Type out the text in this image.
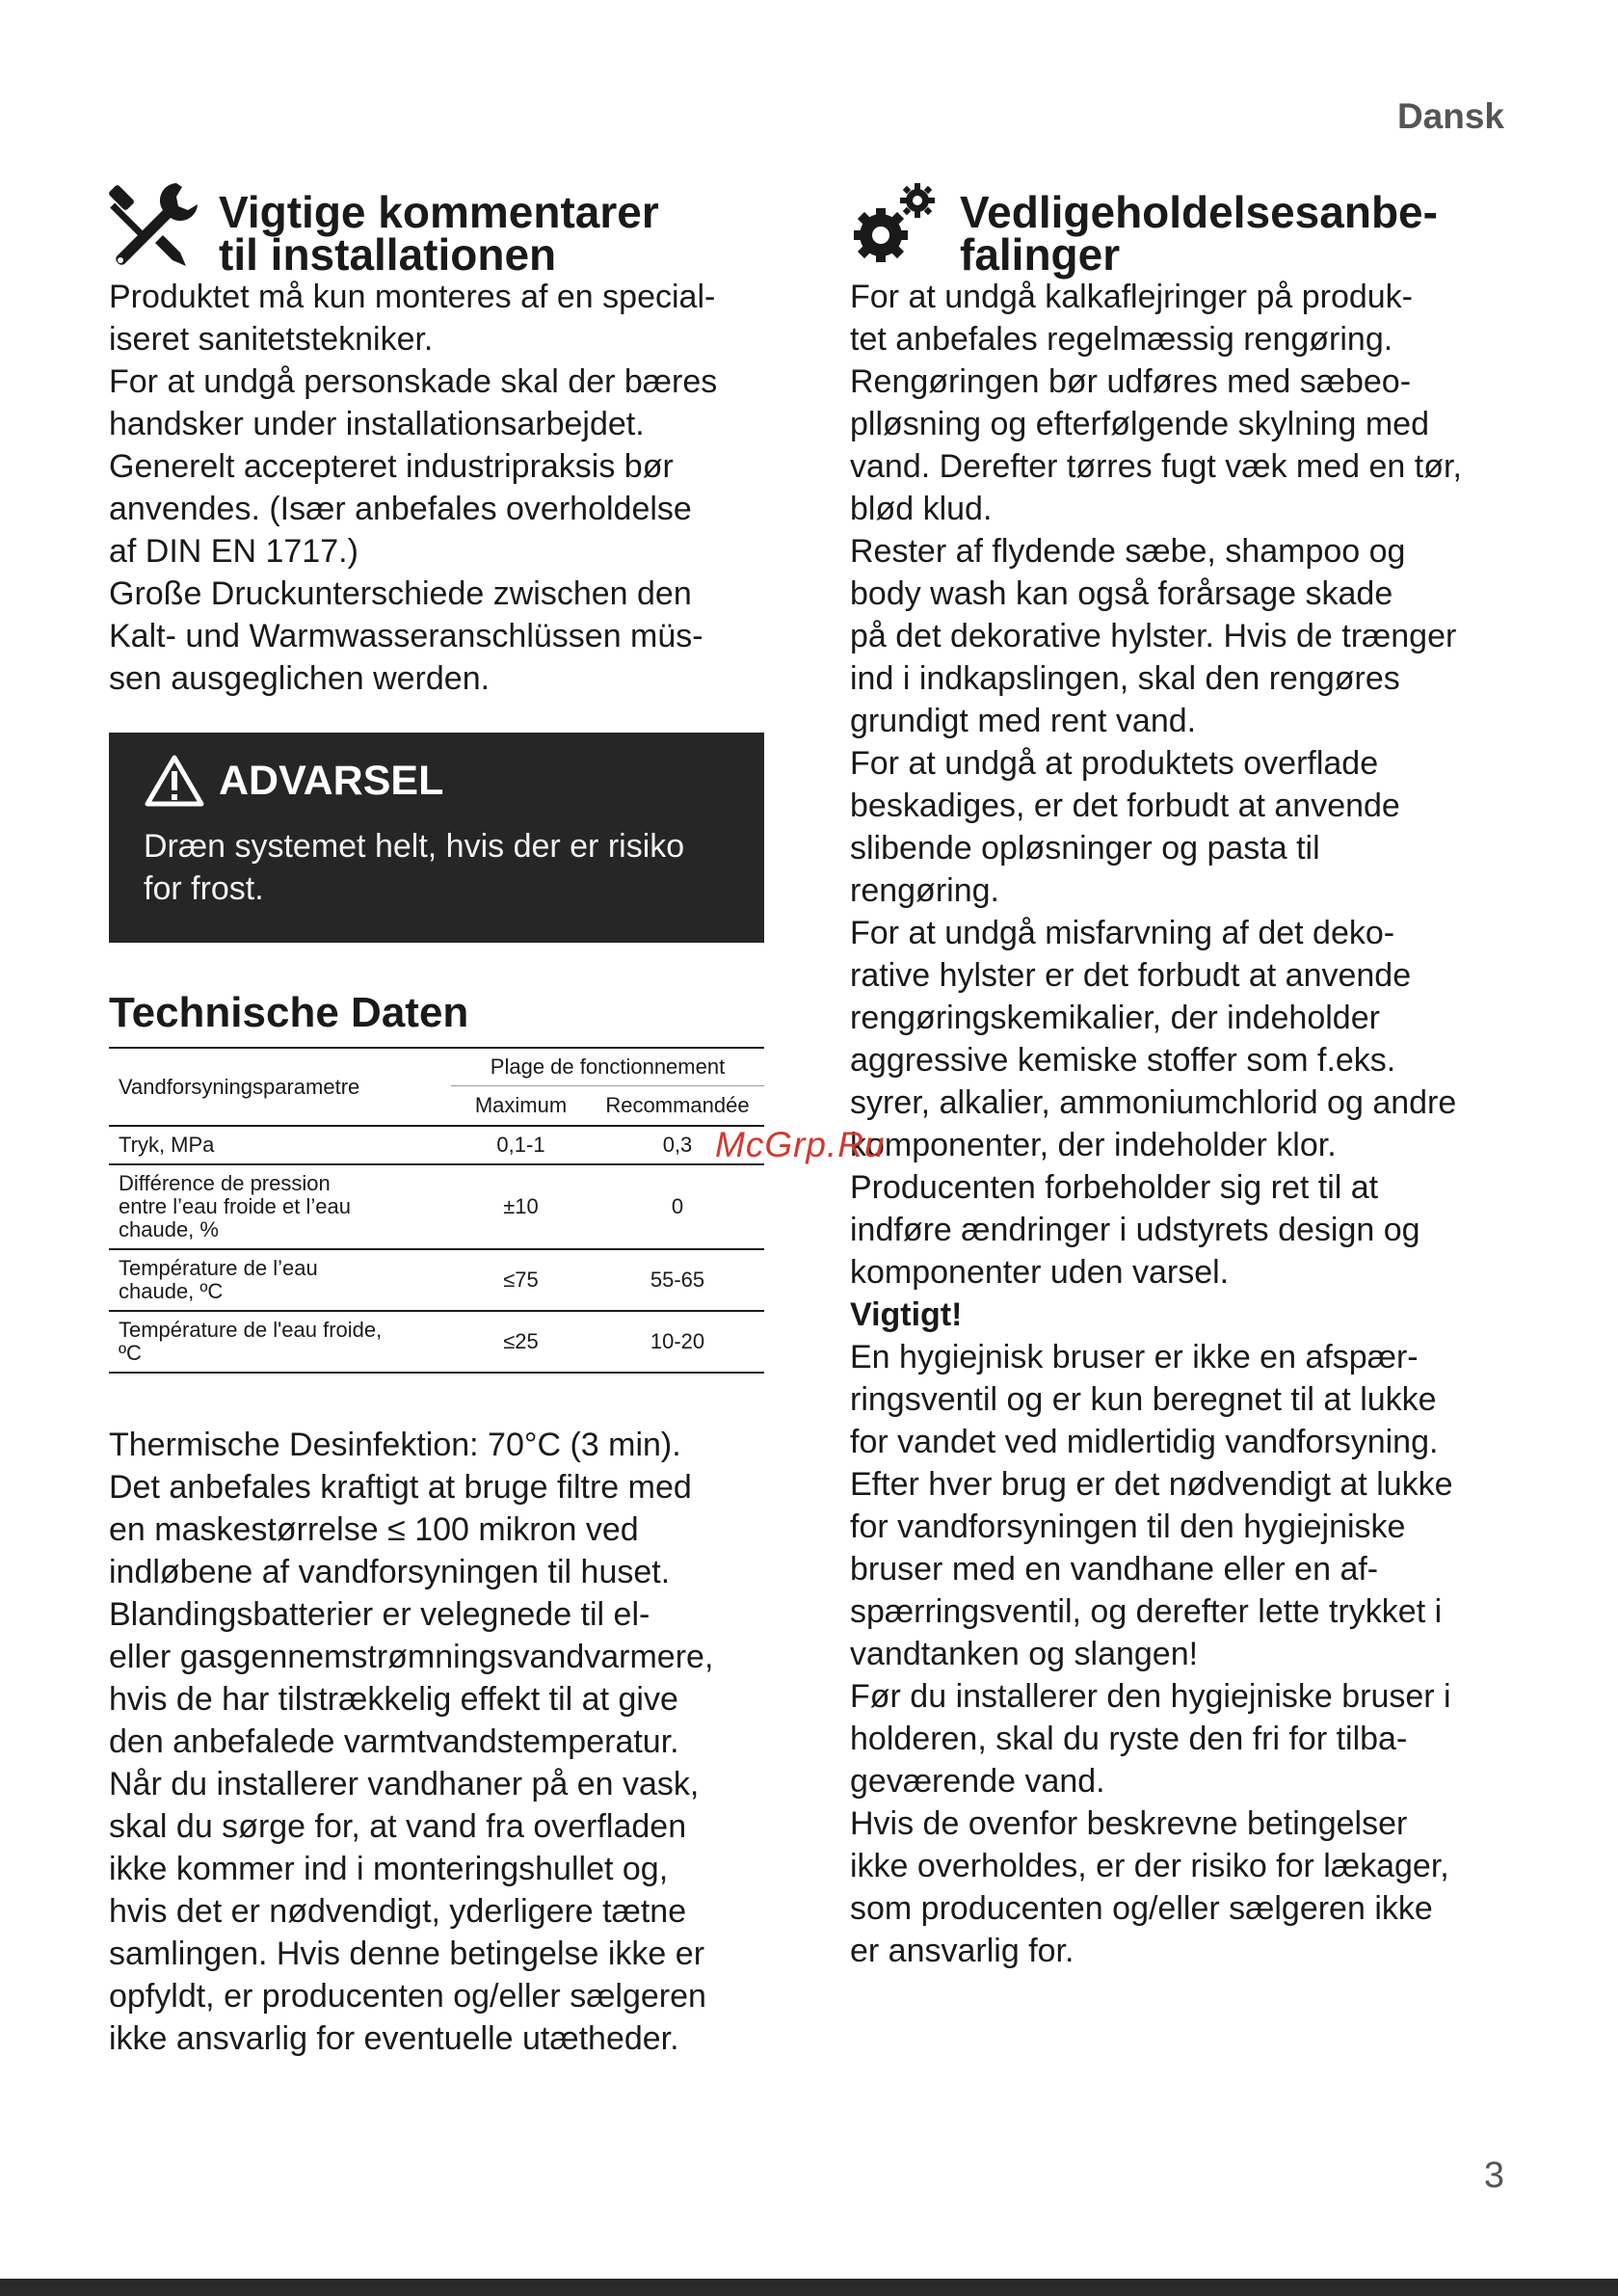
Dansk

Vigtige kommentarer
til installationen

Produktet må kun monteres af en special-
iseret sanitetstekniker.
For at undgå personskade skal der bæres
handsker under installationsarbejdet.
Generelt accepteret industripraksis bør
anvendes. (Især anbefales overholdelse
af DIN EN 1717.)
Große Druckunterschiede zwischen den
Kalt- und Warmwasseranschlüssen müs-
sen ausgeglichen werden.

ADVARSEL

Dræn systemet helt, hvis der er risiko
for frost.

Technische Daten
Vandforsyningsparametre	Plage de fonctionnement	
	Maximum	Recommandée
Tryk, MPa	0,1-1	0,3
Différence de pression
entre l’eau froide et l’eau
chaude, %	±10	0
Température de l’eau
chaude, ºC	≤75	55-65
Température de l'eau froide,
ºC	≤25	10-20

Thermische Desinfektion: 70°C (3 min).
Det anbefales kraftigt at bruge filtre med
en maskestørrelse ≤ 100 mikron ved
indløbene af vandforsyningen til huset.
Blandingsbatterier er velegnede til el-
eller gasgennemstrømningsvandvarmere,
hvis de har tilstrækkelig effekt til at give
den anbefalede varmtvandstemperatur.
Når du installerer vandhaner på en vask,
skal du sørge for, at vand fra overfladen
ikke kommer ind i monteringshullet og,
hvis det er nødvendigt, yderligere tætne
samlingen. Hvis denne betingelse ikke er
opfyldt, er producenten og/eller sælgeren
ikke ansvarlig for eventuelle utætheder.

Vedligeholdelsesanbe-
falinger

For at undgå kalkaflejringer på produk-
tet anbefales regelmæssig rengøring.
Rengøringen bør udføres med sæbeo-
plløsning og efterfølgende skylning med
vand. Derefter tørres fugt væk med en tør,
blød klud.
Rester af flydende sæbe, shampoo og
body wash kan også forårsage skade
på det dekorative hylster. Hvis de trænger
ind i indkapslingen, skal den rengøres
grundigt med rent vand.
For at undgå at produktets overflade
beskadiges, er det forbudt at anvende
slibende opløsninger og pasta til
rengøring.
For at undgå misfarvning af det deko-
rative hylster er det forbudt at anvende
rengøringskemikalier, der indeholder
aggressive kemiske stoffer som f.eks.
syrer, alkalier, ammoniumchlorid og andre
komponenter, der indeholder klor.
Producenten forbeholder sig ret til at
indføre ændringer i udstyrets design og
komponenter uden varsel.

Vigtigt!

En hygiejnisk bruser er ikke en afspær-
ringsventil og er kun beregnet til at lukke
for vandet ved midlertidig vandforsyning.
Efter hver brug er det nødvendigt at lukke
for vandforsyningen til den hygiejniske
bruser med en vandhane eller en af-
spærringsventil, og derefter lette trykket i
vandtanken og slangen!
Før du installerer den hygiejniske bruser i
holderen, skal du ryste den fri for tilba-
geværende vand.
Hvis de ovenfor beskrevne betingelser
ikke overholdes, er der risiko for lækager,
som producenten og/eller sælgeren ikke
er ansvarlig for.

McGrp.Ru

3
